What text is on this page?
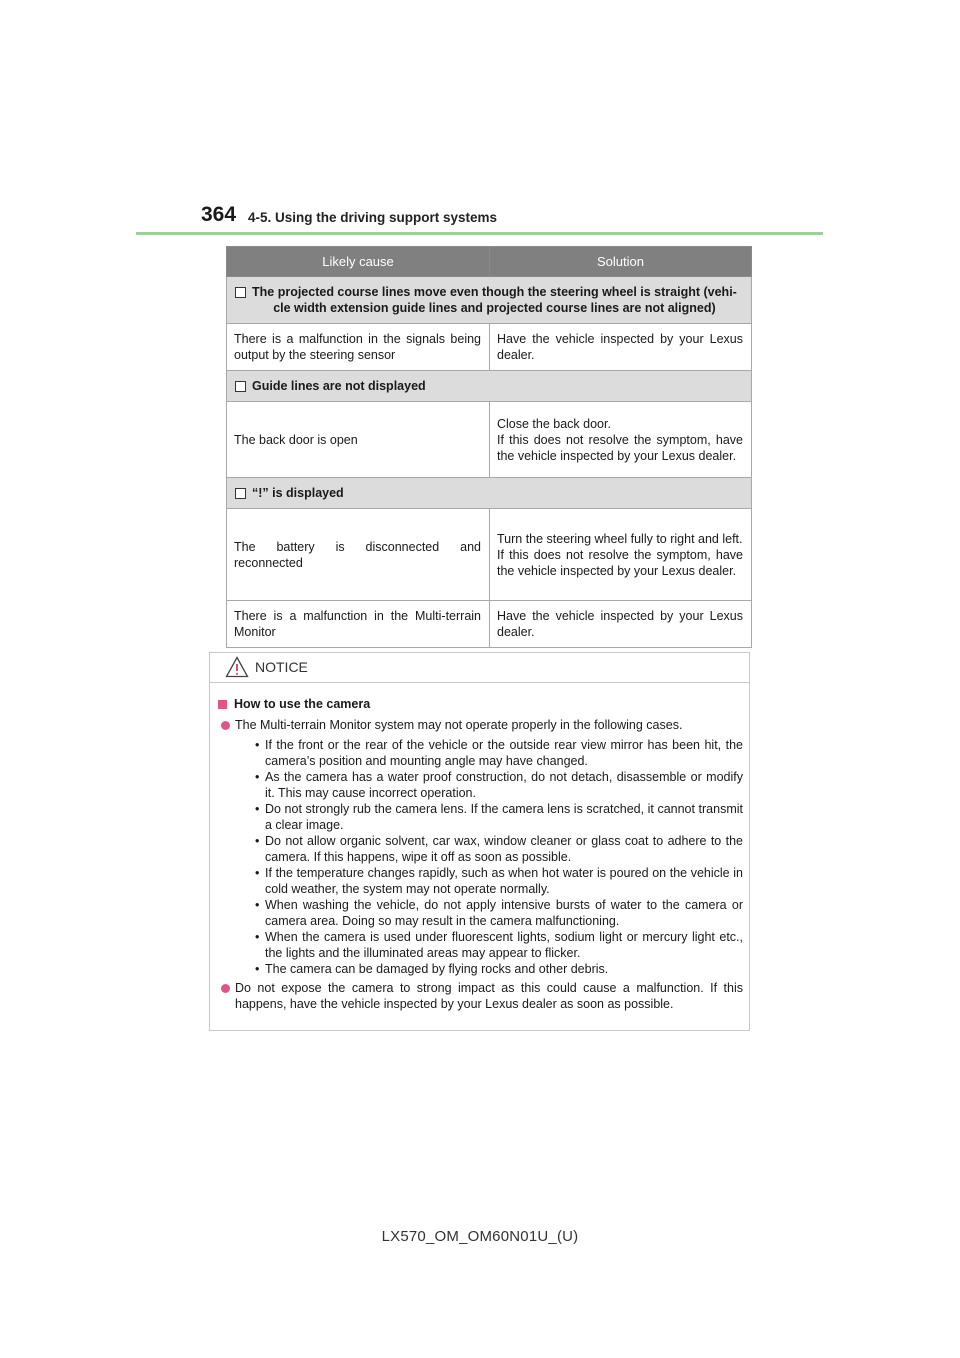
364 4-5. Using the driving support systems
Likely cause	Solution

The projected course lines move even though the steering wheel is straight (vehi-
cle width extension guide lines and projected course lines are not aligned)	

There is a malfunction in the signals being output by the steering sensor	Have the vehicle inspected by your Lexus dealer.

Guide lines are not displayed	

The back door is open	Close the back door.
If this does not resolve the symptom, have the vehicle inspected by your Lexus dealer.

“!” is displayed	

The battery is disconnected and reconnected	Turn the steering wheel fully to right and left.
If this does not resolve the symptom, have the vehicle inspected by your Lexus dealer.

There is a malfunction in the Multi-terrain Monitor	Have the vehicle inspected by your Lexus dealer.
NOTICE
How to use the camera
The Multi-terrain Monitor system may not operate properly in the following cases.
• If the front or the rear of the vehicle or the outside rear view mirror has been hit, the camera’s position and mounting angle may have changed.
• As the camera has a water proof construction, do not detach, disassemble or modify it. This may cause incorrect operation.
• Do not strongly rub the camera lens. If the camera lens is scratched, it cannot transmit a clear image.
• Do not allow organic solvent, car wax, window cleaner or glass coat to adhere to the camera. If this happens, wipe it off as soon as possible.
• If the temperature changes rapidly, such as when hot water is poured on the vehicle in cold weather, the system may not operate normally.
• When washing the vehicle, do not apply intensive bursts of water to the camera or camera area. Doing so may result in the camera malfunctioning.
• When the camera is used under fluorescent lights, sodium light or mercury light etc., the lights and the illuminated areas may appear to flicker.
• The camera can be damaged by flying rocks and other debris.
Do not expose the camera to strong impact as this could cause a malfunction. If this happens, have the vehicle inspected by your Lexus dealer as soon as possible.
LX570_OM_OM60N01U_(U)
